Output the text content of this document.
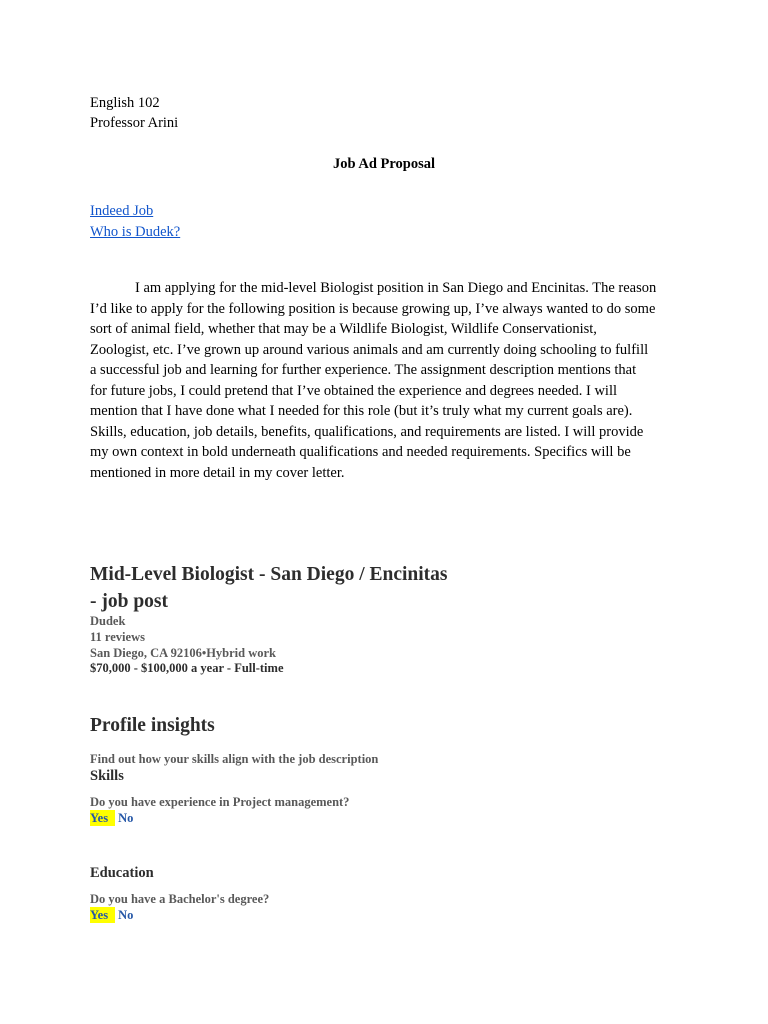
English 102
Professor Arini
Job Ad Proposal
Indeed Job
Who is Dudek?
I am applying for the mid-level Biologist position in San Diego and Encinitas. The reason
I’d like to apply for the following position is because growing up, I’ve always wanted to do some
sort of animal field, whether that may be a Wildlife Biologist, Wildlife Conservationist,
Zoologist, etc. I’ve grown up around various animals and am currently doing schooling to fulfill
a successful job and learning for further experience. The assignment description mentions that
for future jobs, I could pretend that I’ve obtained the experience and degrees needed. I will
mention that I have done what I needed for this role (but it’s truly what my current goals are).
Skills, education, job details, benefits, qualifications, and requirements are listed. I will provide
my own context in bold underneath qualifications and needed requirements. Specifics will be
mentioned in more detail in my cover letter.
Mid-Level Biologist - San Diego / Encinitas
- job post
Dudek
11 reviews
San Diego, CA 92106•Hybrid work
$70,000 - $100,000 a year - Full-time
Profile insights
Find out how your skills align with the job description
Skills
Do you have experience in Project management?
Yes No
Education
Do you have a Bachelor's degree?
Yes No
